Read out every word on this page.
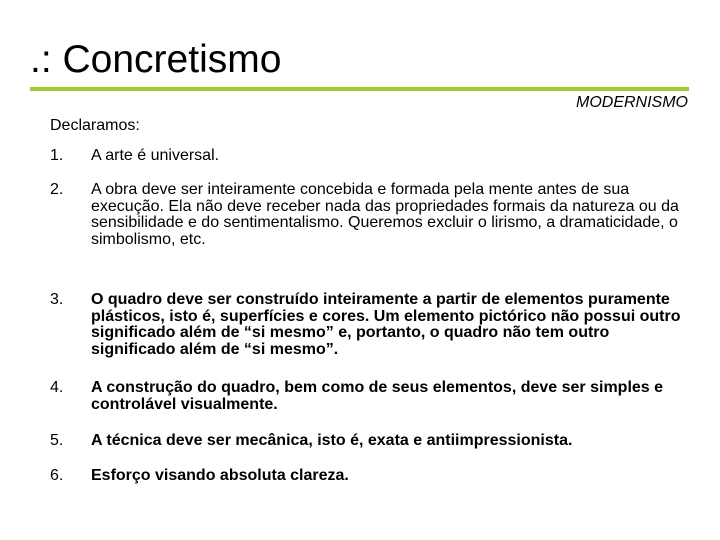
.: Concretismo
MODERNISMO
Declaramos:
1.	A arte é universal.
2.	A obra deve ser inteiramente concebida e formada pela mente antes de sua execução. Ela não deve receber nada das propriedades formais da natureza ou da sensibilidade e do sentimentalismo. Queremos excluir o lirismo, a dramaticidade, o simbolismo, etc.
3.	O quadro deve ser construído inteiramente a partir de elementos puramente plásticos, isto é, superfícies e cores. Um elemento pictórico não possui outro significado além de “si mesmo” e, portanto, o quadro não tem outro significado além de “si mesmo”.
4.	A construção do quadro, bem como de seus elementos, deve ser simples e controlável visualmente.
5.	A técnica deve ser mecânica, isto é, exata e antiimpressionista.
6.	Esforço visando absoluta clareza.
